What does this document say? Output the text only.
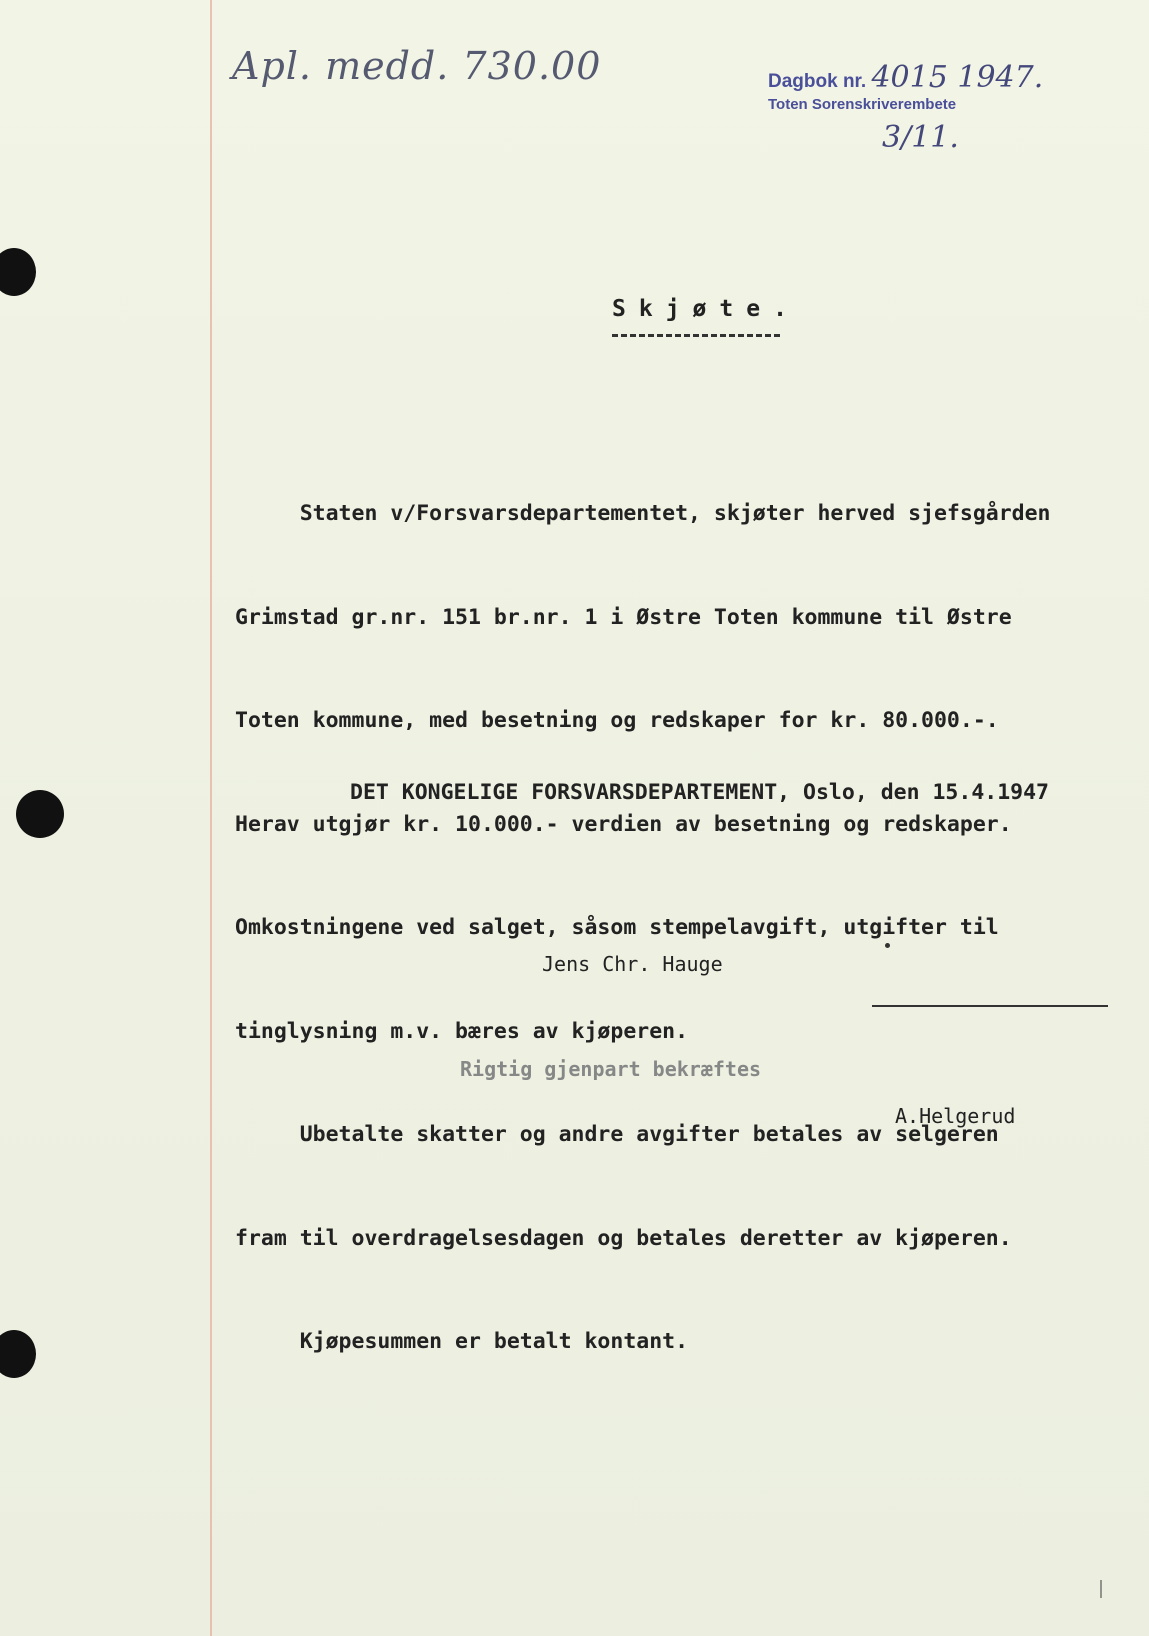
Apl. medd. 730.00	Dagbok nr. 4015 1947.
Toten Sorenskriverembete
3/11.
Skjøte.

Staten v/Forsvarsdepartementet, skjøter herved sjefsgården

Grimstad gr.nr. 151 br.nr. 1 i Østre Toten kommune til Østre

Toten kommune, med besetning og redskaper for kr. 80.000.-.

Herav utgjør kr. 10.000.- verdien av besetning og redskaper.

Omkostningene ved salget, såsom stempelavgift, utgifter til

tinglysning m.v. bæres av kjøperen.

Ubetalte skatter og andre avgifter betales av selgeren

fram til overdragelsesdagen og betales deretter av kjøperen.

Kjøpesummen er betalt kontant.

DET KONGELIGE FORSVARSDEPARTEMENT, Oslo, den 15.4.1947
Jens Chr. Hauge
Rigtig gjenpart bekræftes
A.Helgerud
